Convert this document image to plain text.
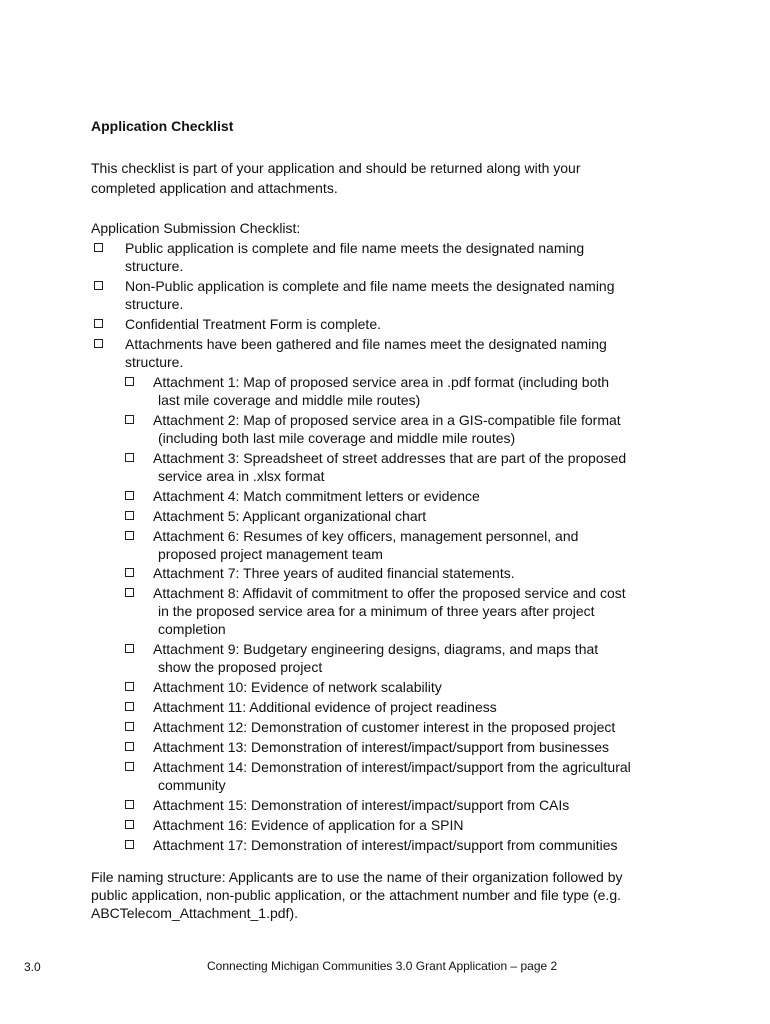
Application Checklist
This checklist is part of your application and should be returned along with your
completed application and attachments.
Application Submission Checklist:
Public application is complete and file name meets the designated naming
structure.
Non-Public application is complete and file name meets the designated naming
structure.
Confidential Treatment Form is complete.
Attachments have been gathered and file names meet the designated naming
structure.
Attachment 1: Map of proposed service area in .pdf format (including both
last mile coverage and middle mile routes)
Attachment 2: Map of proposed service area in a GIS-compatible file format
(including both last mile coverage and middle mile routes)
Attachment 3: Spreadsheet of street addresses that are part of the proposed
service area in .xlsx format
Attachment 4: Match commitment letters or evidence
Attachment 5: Applicant organizational chart
Attachment 6: Resumes of key officers, management personnel, and
proposed project management team
Attachment 7: Three years of audited financial statements.
Attachment 8: Affidavit of commitment to offer the proposed service and cost
in the proposed service area for a minimum of three years after project
completion
Attachment 9: Budgetary engineering designs, diagrams, and maps that
show the proposed project
Attachment 10: Evidence of network scalability
Attachment 11: Additional evidence of project readiness
Attachment 12: Demonstration of customer interest in the proposed project
Attachment 13: Demonstration of interest/impact/support from businesses
Attachment 14: Demonstration of interest/impact/support from the agricultural
community
Attachment 15: Demonstration of interest/impact/support from CAIs
Attachment 16: Evidence of application for a SPIN
Attachment 17: Demonstration of interest/impact/support from communities
File naming structure: Applicants are to use the name of their organization followed by
public application, non-public application, or the attachment number and file type (e.g.
ABCTelecom_Attachment_1.pdf).
3.0	Connecting Michigan Communities 3.0 Grant Application – page 2
